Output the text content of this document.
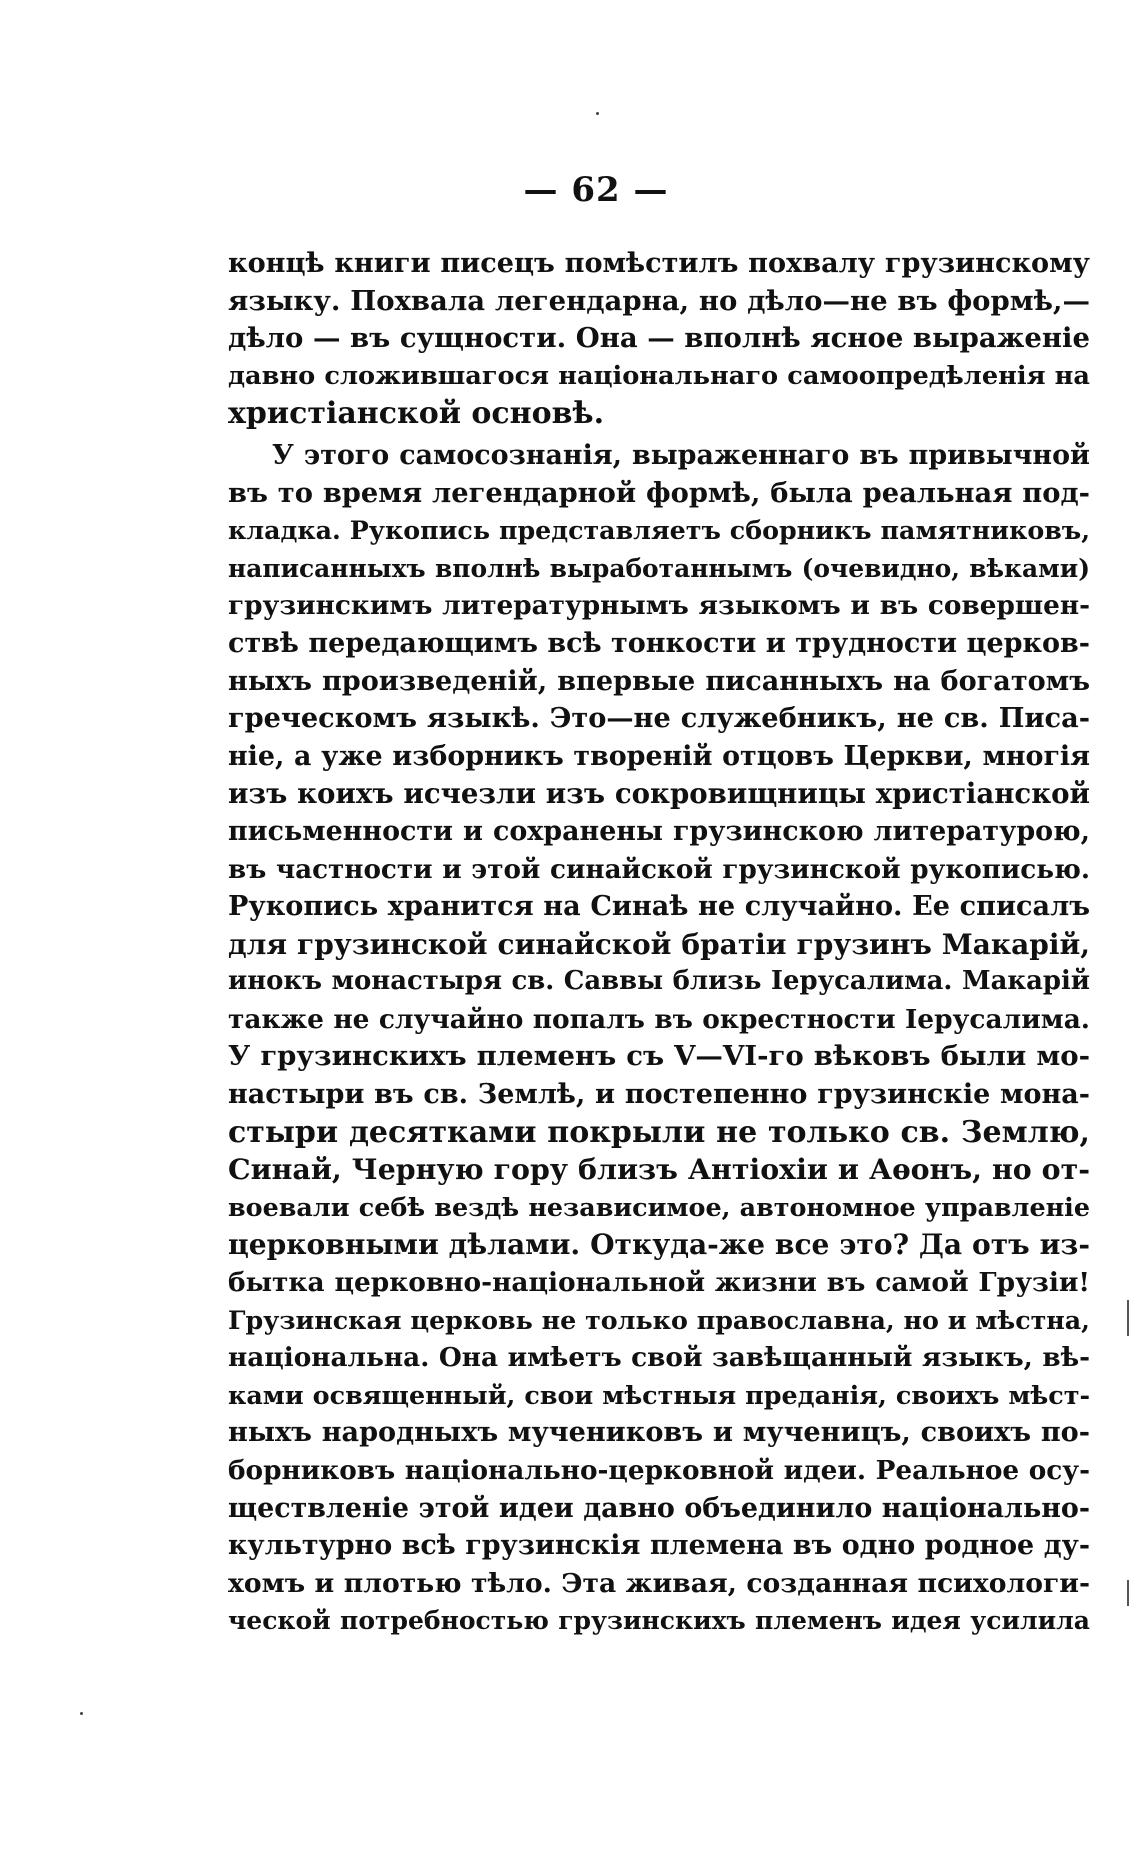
— 62 —
концѣ книги писецъ помѣстилъ похвалу грузинскому
языку. Похвала легендарна, но дѣло—не въ формѣ,—
дѣло — въ сущности. Она — вполнѣ ясное выраженіе
давно сложившагося національнаго самоопредѣленія на
христіанской основѣ.
У этого самосознанія, выраженнаго въ привычной
въ то время легендарной формѣ, была реальная под-
кладка. Рукопись представляетъ сборникъ памятниковъ,
написанныхъ вполнѣ выработаннымъ (очевидно, вѣками)
грузинскимъ литературнымъ языкомъ и въ совершен-
ствѣ передающимъ всѣ тонкости и трудности церков-
ныхъ произведеній, впервые писанныхъ на богатомъ
греческомъ языкѣ. Это—не служебникъ, не св. Писа-
ніе, а уже изборникъ твореній отцовъ Церкви, многія
изъ коихъ исчезли изъ сокровищницы христіанской
письменности и сохранены грузинскою литературою,
въ частности и этой синайской грузинской рукописью.
Рукопись хранится на Синаѣ не случайно. Ее списалъ
для грузинской синайской братіи грузинъ Макарій,
инокъ монастыря св. Саввы близь Іерусалима. Макарій
также не случайно попалъ въ окрестности Іерусалима.
У грузинскихъ племенъ съ V—VI-го вѣковъ были мо-
настыри въ св. Землѣ, и постепенно грузинскіе мона-
стыри десятками покрыли не только св. Землю,
Синай, Черную гору близъ Антіохіи и Аѳонъ, но от-
воевали себѣ вездѣ независимое, автономное управленіе
церковными дѣлами. Откуда-же все это? Да отъ из-
бытка церковно-національной жизни въ самой Грузіи!
Грузинская церковь не только православна, но и мѣстна,
національна. Она имѣетъ свой завѣщанный языкъ, вѣ-
ками освященный, свои мѣстныя преданія, своихъ мѣст-
ныхъ народныхъ мучениковъ и мученицъ, своихъ по-
борниковъ національно-церковной идеи. Реальное осу-
ществленіе этой идеи давно объединило національно-
культурно всѣ грузинскія племена въ одно родное ду-
хомъ и плотью тѣло. Эта живая, созданная психологи-
ческой потребностью грузинскихъ племенъ идея усилила
